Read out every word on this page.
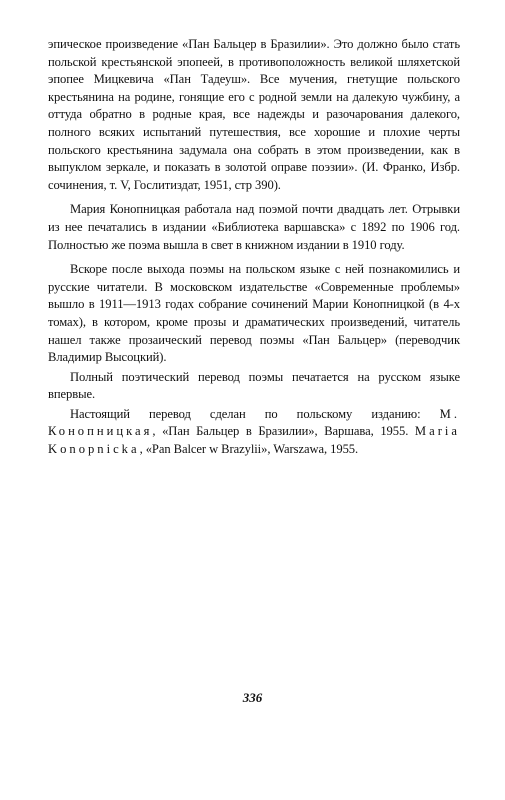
эпическое произведение «Пан Бальцер в Бразилии». Это должно было стать польской крестьянской эпопеей, в противоположность великой шляхетской эпопее Мицкевича «Пан Тадеуш». Все мучения, гнетущие польского крестьянина на родине, гонящие его с родной земли на далекую чужбину, а оттуда обратно в родные края, все надежды и разочарования далекого, полного всяких испытаний путешествия, все хорошие и плохие черты польского крестьянина задумала она собрать в этом произведении, как в выпуклом зеркале, и показать в золотой оправе поэзии». (И. Франко, Избр. сочинения, т. V, Гослитиздат, 1951, стр 390).

Мария Конопницкая работала над поэмой почти двадцать лет. Отрывки из нее печатались в издании «Библиотека варшавска» с 1892 по 1906 год. Полностью же поэма вышла в свет в книжном издании в 1910 году.

Вскоре после выхода поэмы на польском языке с ней познакомились и русские читатели. В московском издательстве «Современные проблемы» вышло в 1911—1913 годах собрание сочинений Марии Конопницкой (в 4-х томах), в котором, кроме прозы и драматических произведений, читатель нашел также прозаический перевод поэмы «Пан Бальцер» (переводчик Владимир Высоцкий).

Полный поэтический перевод поэмы печатается на русском языке впервые.

Настоящий перевод сделан по польскому изданию: М. Конопницкая, «Пан Бальцер в Бразилии», Варшава, 1955. Maria Konopnicka, «Pan Balcer w Brazylii», Warszawa, 1955.

336
